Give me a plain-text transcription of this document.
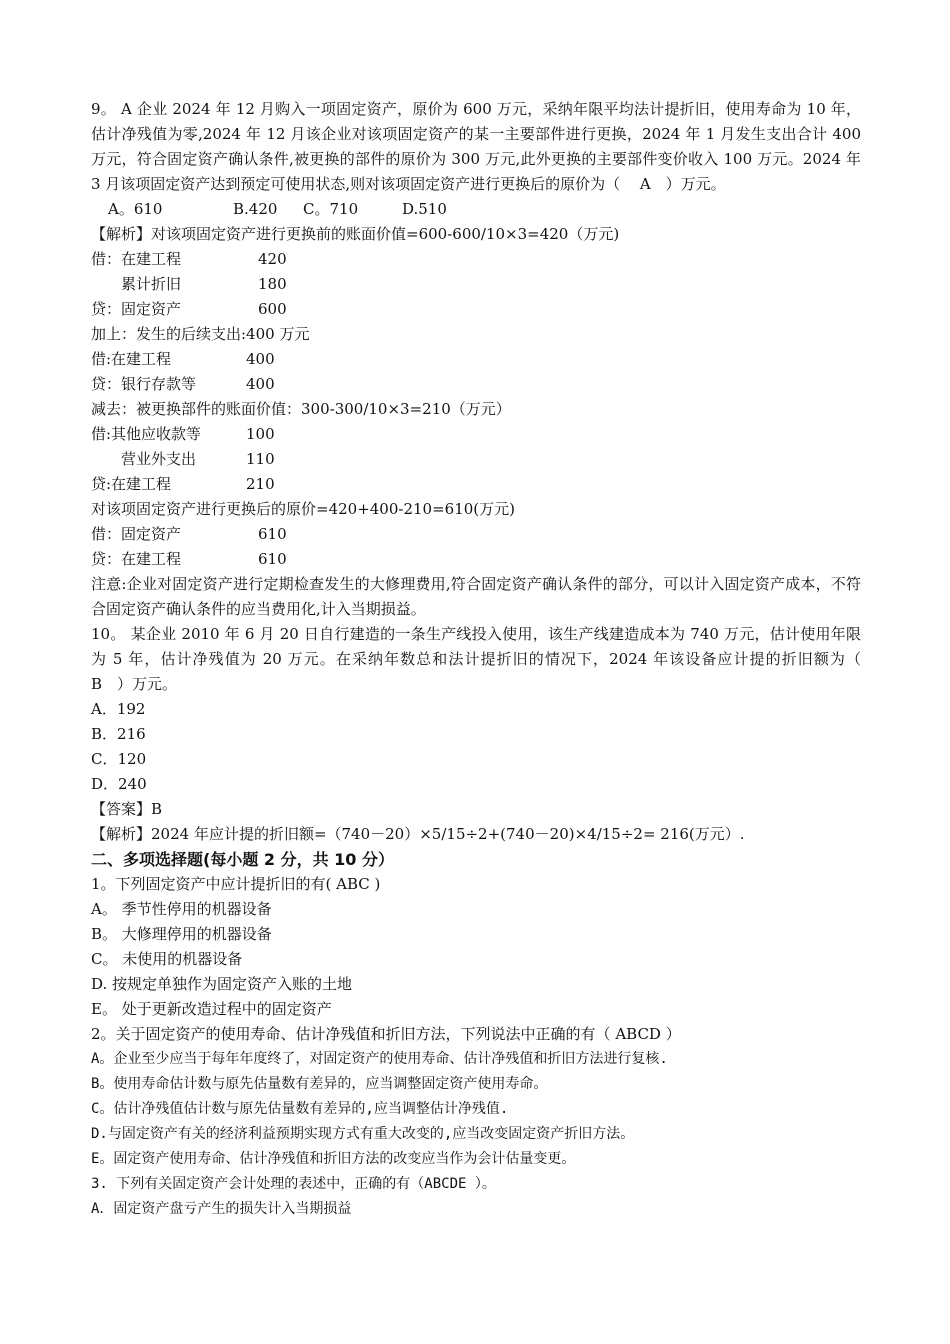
9。 A 企业 2024 年 12 月购入一项固定资产，原价为 600 万元，采纳年限平均法计提折旧，使用寿命为 10 年，估计净残值为零,2024 年 12 月该企业对该项固定资产的某一主要部件进行更换，2024 年 1 月发生支出合计 400 万元，符合固定资产确认条件,被更换的部件的原价为 300 万元,此外更换的主要部件变价收入 100 万元。2024 年 3 月该项固定资产达到预定可使用状态,则对该项固定资产进行更换后的原价为（　 A　）万元。

A。610	B.420	C。710	D.510

【解析】对该项固定资产进行更换前的账面价值=600-600/10×3=420（万元)

借：在建工程	420
　　累计折旧	180
贷：固定资产	600

加上：发生的后续支出:400 万元

借:在建工程	400
贷：银行存款等	400

减去：被更换部件的账面价值：300-300/10×3=210（万元）

借:其他应收款等	100
　　营业外支出	110
贷:在建工程	210

对该项固定资产进行更换后的原价=420+400-210=610(万元)

借：固定资产	610
贷：在建工程	610

注意:企业对固定资产进行定期检查发生的大修理费用,符合固定资产确认条件的部分，可以计入固定资产成本，不符合固定资产确认条件的应当费用化,计入当期损益。

10。 某企业 2010 年 6 月 20 日自行建造的一条生产线投入使用，该生产线建造成本为 740 万元，估计使用年限为 5 年，估计净残值为 20 万元。在采纳年数总和法计提折旧的情况下，2024 年该设备应计提的折旧额为（　　 B　）万元。

A．192

B．216

C．120

D．240

【答案】B

【解析】2024 年应计提的折旧额=（740－20）×5/15÷2+(740－20)×4/15÷2= 216(万元）.

二、多项选择题(每小题 2 分，共 10 分）

1。下列固定资产中应计提折旧的有( ABC )

A。 季节性停用的机器设备

B。 大修理停用的机器设备

C。 未使用的机器设备

D. 按规定单独作为固定资产入账的土地

E。 处于更新改造过程中的固定资产

2。关于固定资产的使用寿命、估计净残值和折旧方法，下列说法中正确的有（ ABCD ）

A。企业至少应当于每年年度终了，对固定资产的使用寿命、估计净残值和折旧方法进行复核.

B。使用寿命估计数与原先估量数有差异的，应当调整固定资产使用寿命。

C。估计净残值估计数与原先估量数有差异的,应当调整估计净残值.

D.与固定资产有关的经济利益预期实现方式有重大改变的,应当改变固定资产折旧方法。

E。固定资产使用寿命、估计净残值和折旧方法的改变应当作为会计估量变更。

3. 下列有关固定资产会计处理的表述中，正确的有（ABCDE ）。

A．固定资产盘亏产生的损失计入当期损益
